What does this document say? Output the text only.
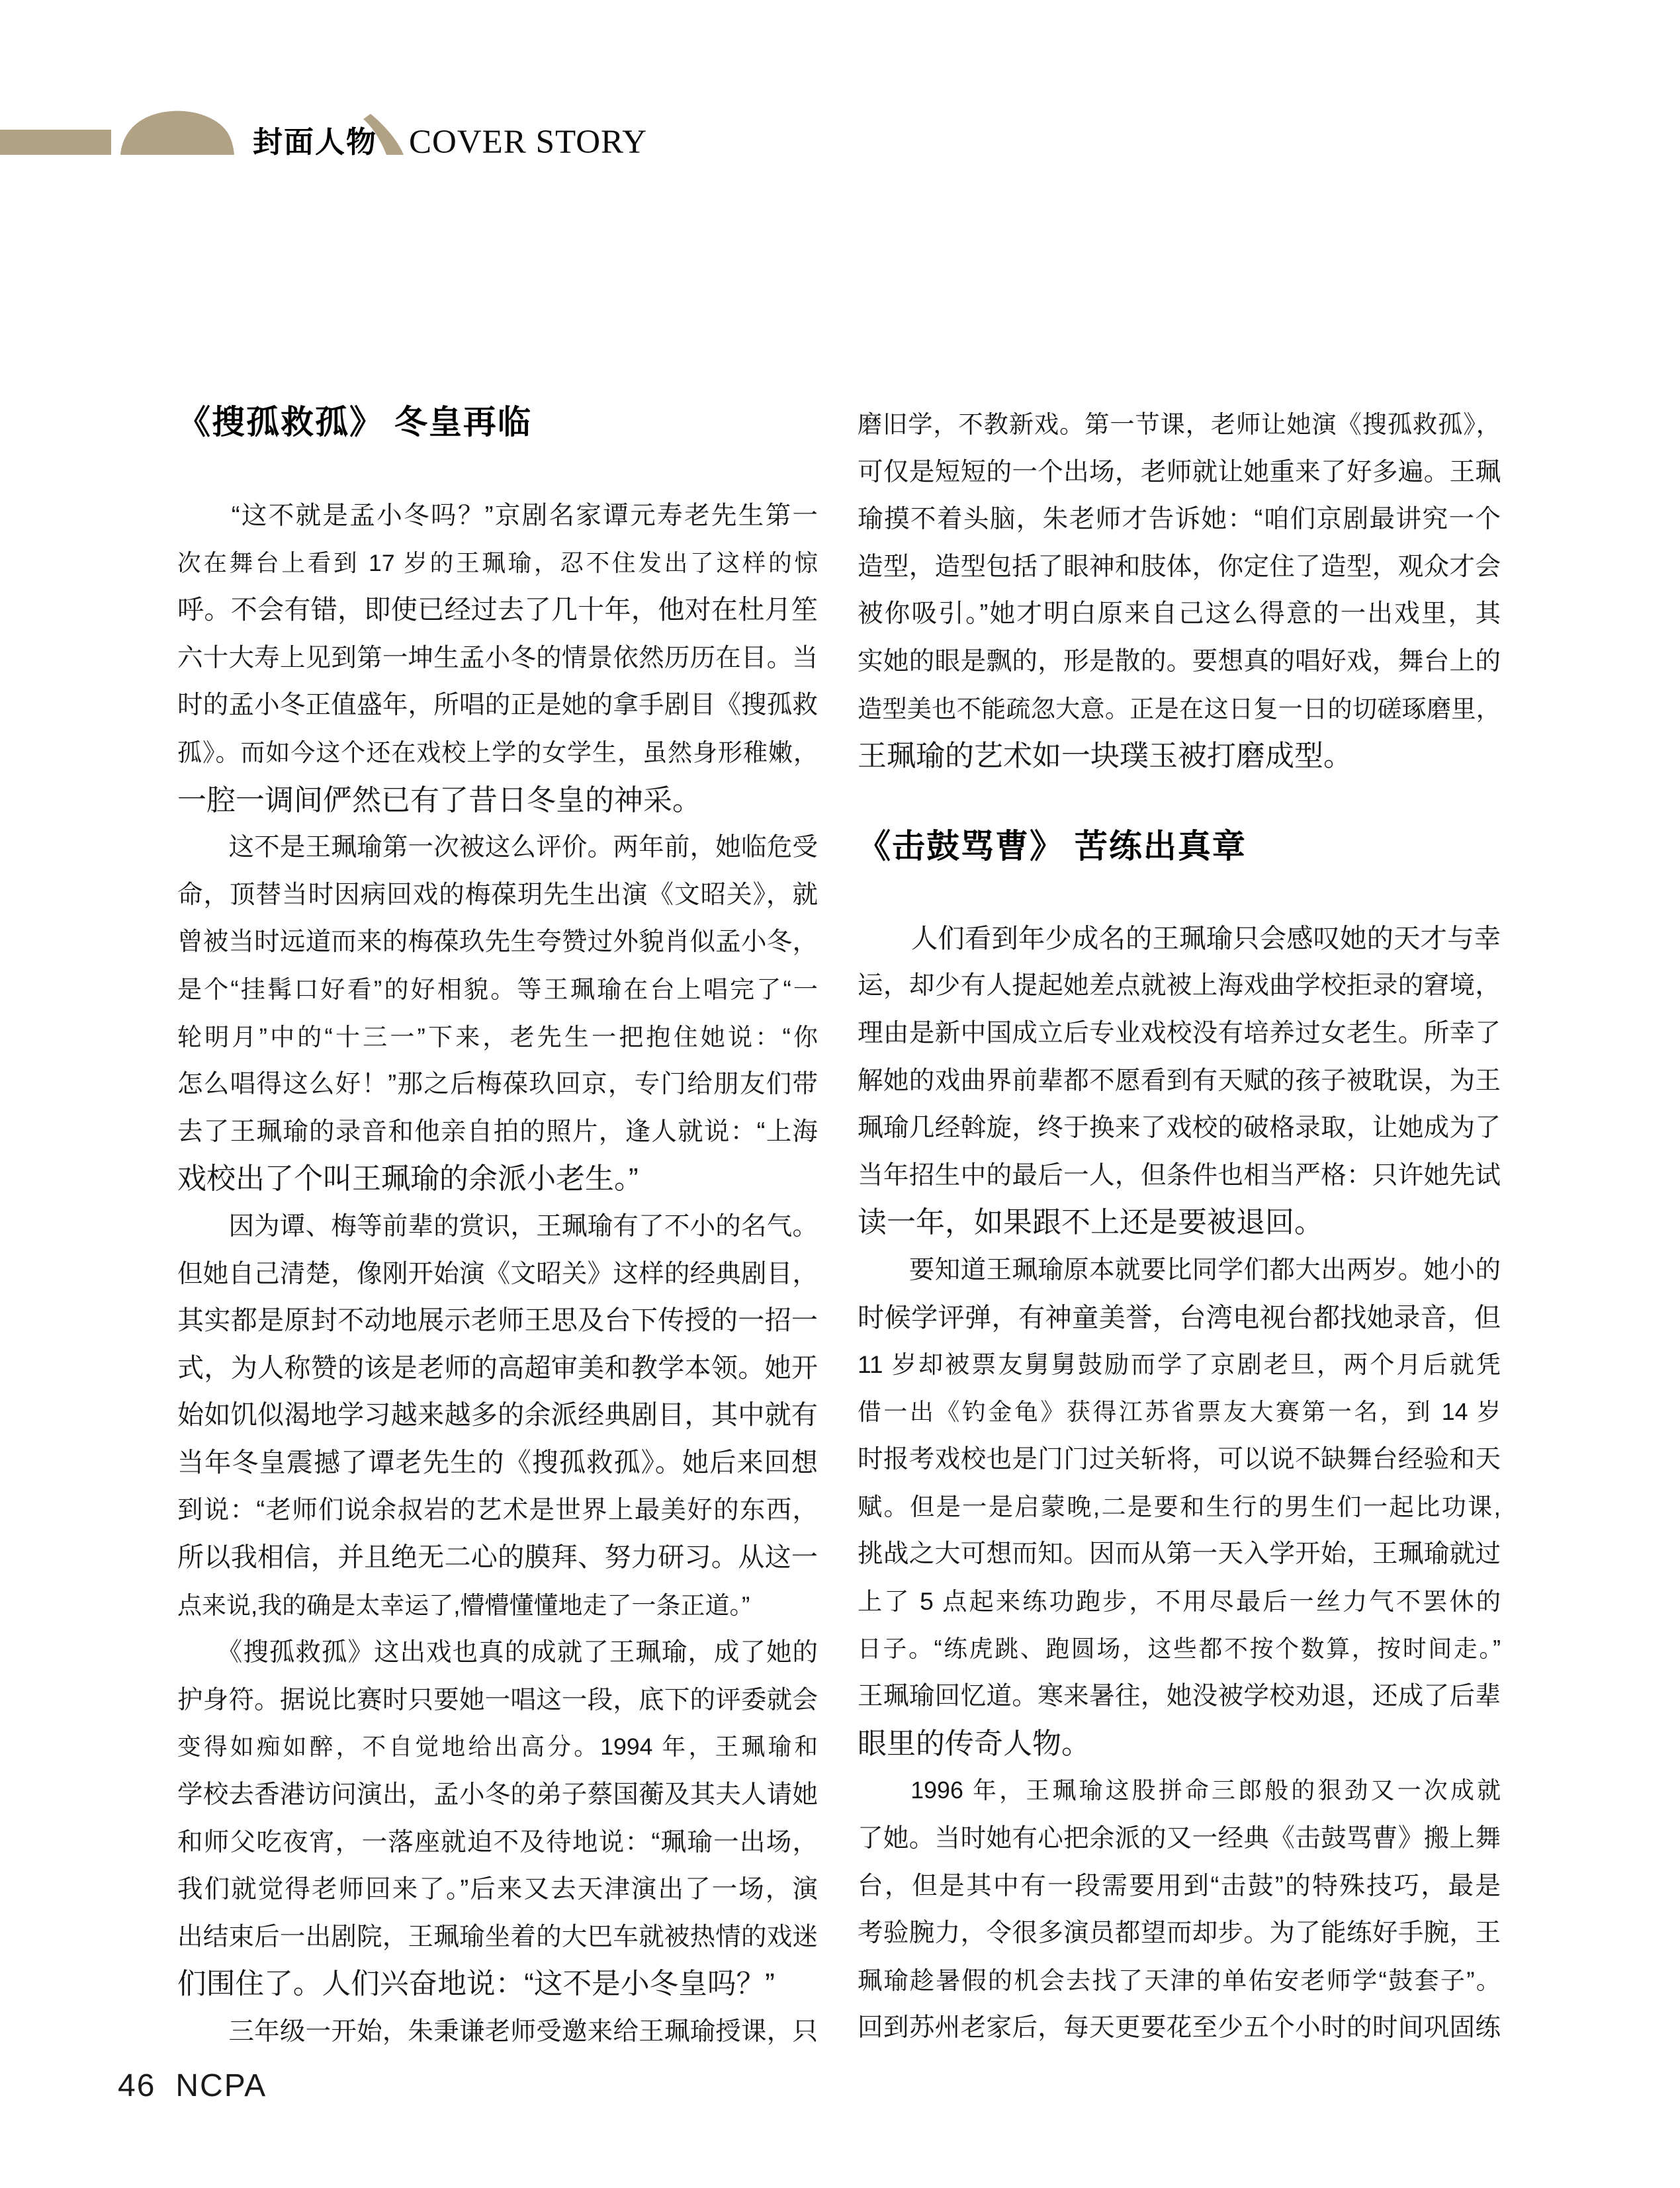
封面人物 COVER STORY
《搜孤救孤》 冬皇再临
　　“这不就是孟小冬吗？”京剧名家谭元寿老先生第一
次在舞台上看到 17 岁的王珮瑜，忍不住发出了这样的惊
呼。不会有错，即使已经过去了几十年，他对在杜月笙
六十大寿上见到第一坤生孟小冬的情景依然历历在目。当
时的孟小冬正值盛年，所唱的正是她的拿手剧目《搜孤救
孤》。而如今这个还在戏校上学的女学生，虽然身形稚嫩，
一腔一调间俨然已有了昔日冬皇的神采。
　　这不是王珮瑜第一次被这么评价。两年前，她临危受
命，顶替当时因病回戏的梅葆玥先生出演《文昭关》，就
曾被当时远道而来的梅葆玖先生夸赞过外貌肖似孟小冬，
是个“挂髯口好看”的好相貌。等王珮瑜在台上唱完了“一
轮明月”中的“十三一”下来，老先生一把抱住她说：“你
怎么唱得这么好！”那之后梅葆玖回京，专门给朋友们带
去了王珮瑜的录音和他亲自拍的照片，逢人就说：“上海
戏校出了个叫王珮瑜的余派小老生。”
　　因为谭、梅等前辈的赏识，王珮瑜有了不小的名气。
但她自己清楚，像刚开始演《文昭关》这样的经典剧目，
其实都是原封不动地展示老师王思及台下传授的一招一
式，为人称赞的该是老师的高超审美和教学本领。她开
始如饥似渴地学习越来越多的余派经典剧目，其中就有
当年冬皇震撼了谭老先生的《搜孤救孤》。她后来回想
到说：“老师们说余叔岩的艺术是世界上最美好的东西，
所以我相信，并且绝无二心的膜拜、努力研习。从这一
点来说,我的确是太幸运了,懵懵懂懂地走了一条正道。”
　　《搜孤救孤》这出戏也真的成就了王珮瑜，成了她的
护身符。据说比赛时只要她一唱这一段，底下的评委就会
变得如痴如醉，不自觉地给出高分。1994 年，王珮瑜和
学校去香港访问演出，孟小冬的弟子蔡国蘅及其夫人请她
和师父吃夜宵，一落座就迫不及待地说：“珮瑜一出场，
我们就觉得老师回来了。”后来又去天津演出了一场，演
出结束后一出剧院，王珮瑜坐着的大巴车就被热情的戏迷
们围住了。人们兴奋地说：“这不是小冬皇吗？”
　　三年级一开始，朱秉谦老师受邀来给王珮瑜授课，只
磨旧学，不教新戏。第一节课，老师让她演《搜孤救孤》，
可仅是短短的一个出场，老师就让她重来了好多遍。王珮
瑜摸不着头脑，朱老师才告诉她：“咱们京剧最讲究一个
造型，造型包括了眼神和肢体，你定住了造型，观众才会
被你吸引。”她才明白原来自己这么得意的一出戏里，其
实她的眼是飘的，形是散的。要想真的唱好戏，舞台上的
造型美也不能疏忽大意。正是在这日复一日的切磋琢磨里，
王珮瑜的艺术如一块璞玉被打磨成型。
《击鼓骂曹》 苦练出真章
　　人们看到年少成名的王珮瑜只会感叹她的天才与幸
运，却少有人提起她差点就被上海戏曲学校拒录的窘境，
理由是新中国成立后专业戏校没有培养过女老生。所幸了
解她的戏曲界前辈都不愿看到有天赋的孩子被耽误，为王
珮瑜几经斡旋，终于换来了戏校的破格录取，让她成为了
当年招生中的最后一人，但条件也相当严格：只许她先试
读一年，如果跟不上还是要被退回。
　　要知道王珮瑜原本就要比同学们都大出两岁。她小的
时候学评弹，有神童美誉，台湾电视台都找她录音，但
11 岁却被票友舅舅鼓励而学了京剧老旦，两个月后就凭
借一出《钓金龟》获得江苏省票友大赛第一名，到 14 岁
时报考戏校也是门门过关斩将，可以说不缺舞台经验和天
赋。但是一是启蒙晚,二是要和生行的男生们一起比功课,
挑战之大可想而知。因而从第一天入学开始，王珮瑜就过
上了 5 点起来练功跑步，不用尽最后一丝力气不罢休的
日子。“练虎跳、跑圆场，这些都不按个数算，按时间走。”
王珮瑜回忆道。寒来暑往，她没被学校劝退，还成了后辈
眼里的传奇人物。
　　1996 年，王珮瑜这股拼命三郎般的狠劲又一次成就
了她。当时她有心把余派的又一经典《击鼓骂曹》搬上舞
台，但是其中有一段需要用到“击鼓”的特殊技巧，最是
考验腕力，令很多演员都望而却步。为了能练好手腕，王
珮瑜趁暑假的机会去找了天津的单佑安老师学“鼓套子”。
回到苏州老家后，每天更要花至少五个小时的时间巩固练
46 NCPA
